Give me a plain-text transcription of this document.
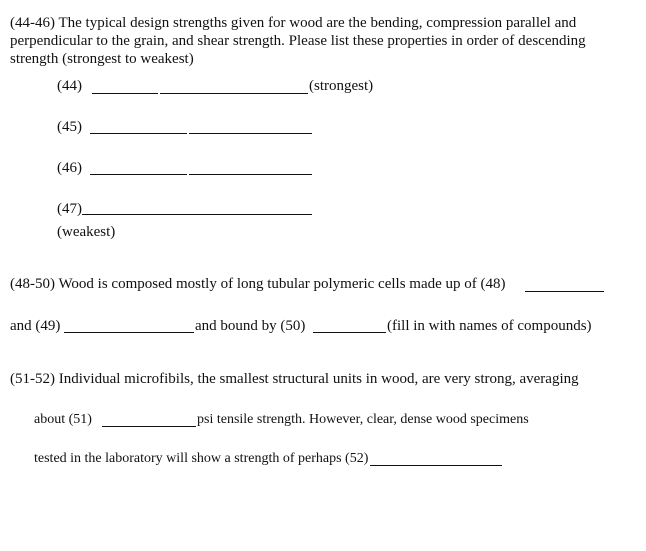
(44-46) The typical design strengths given for wood are the bending, compression parallel and perpendicular to the grain, and shear strength. Please list these properties in order of descending strength (strongest to weakest)
(44)	(strongest)
(45)
(46)
(47)
(weakest)
(48-50) Wood is composed mostly of long tubular polymeric cells made up of (48)
and (49)	and bound by (50)	(fill in with names of compounds)
(51-52) Individual microfibils, the smallest structural units in wood, are very strong, averaging
about (51)	psi tensile strength. However, clear, dense wood specimens
tested in the laboratory will show a strength of perhaps (52)
